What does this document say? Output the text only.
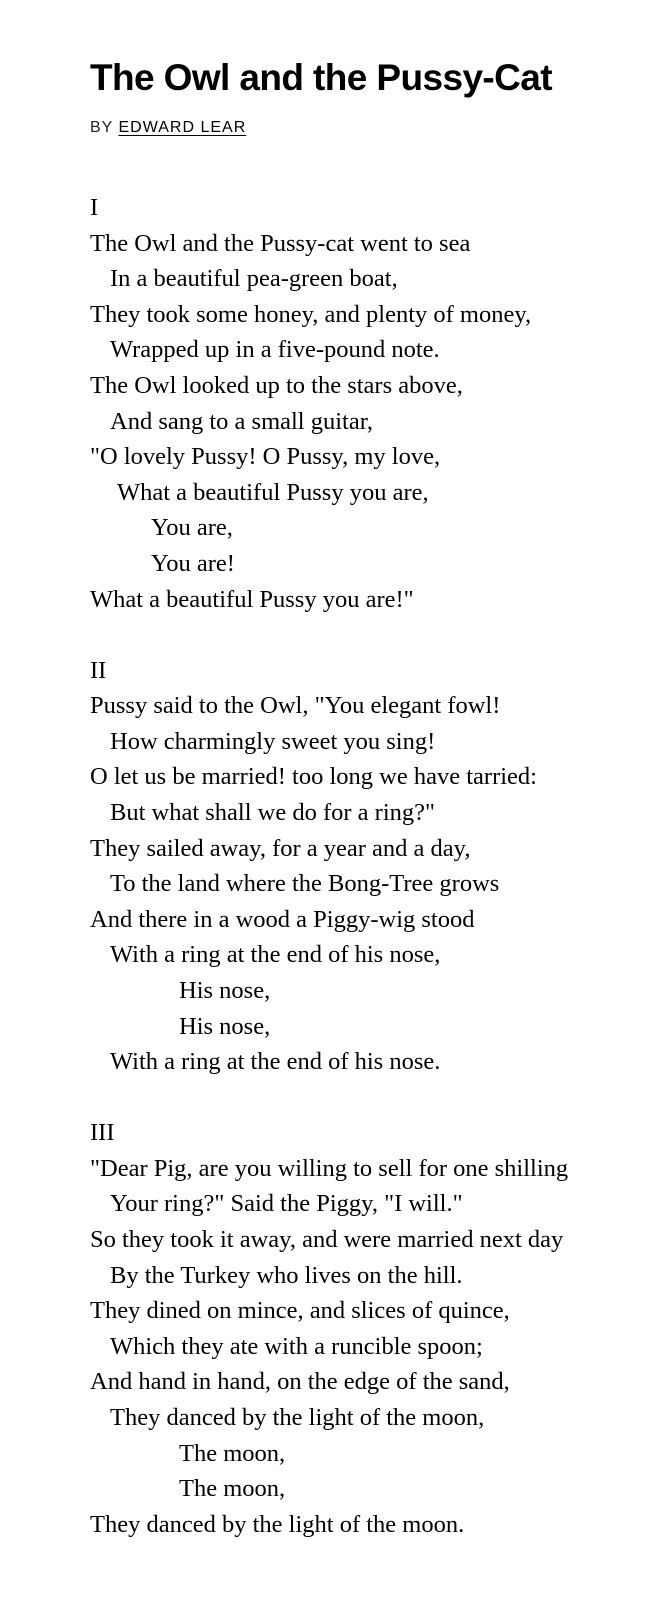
The Owl and the Pussy-Cat
BY EDWARD LEAR
I
The Owl and the Pussy-cat went to sea
In a beautiful pea-green boat,
They took some honey, and plenty of money,
Wrapped up in a five-pound note.
The Owl looked up to the stars above,
And sang to a small guitar,
"O lovely Pussy! O Pussy, my love,
What a beautiful Pussy you are,
You are,
You are!
What a beautiful Pussy you are!"
II
Pussy said to the Owl, "You elegant fowl!
How charmingly sweet you sing!
O let us be married! too long we have tarried:
But what shall we do for a ring?"
They sailed away, for a year and a day,
To the land where the Bong-Tree grows
And there in a wood a Piggy-wig stood
With a ring at the end of his nose,
His nose,
His nose,
With a ring at the end of his nose.
III
"Dear Pig, are you willing to sell for one shilling
Your ring?" Said the Piggy, "I will."
So they took it away, and were married next day
By the Turkey who lives on the hill.
They dined on mince, and slices of quince,
Which they ate with a runcible spoon;
And hand in hand, on the edge of the sand,
They danced by the light of the moon,
The moon,
The moon,
They danced by the light of the moon.
